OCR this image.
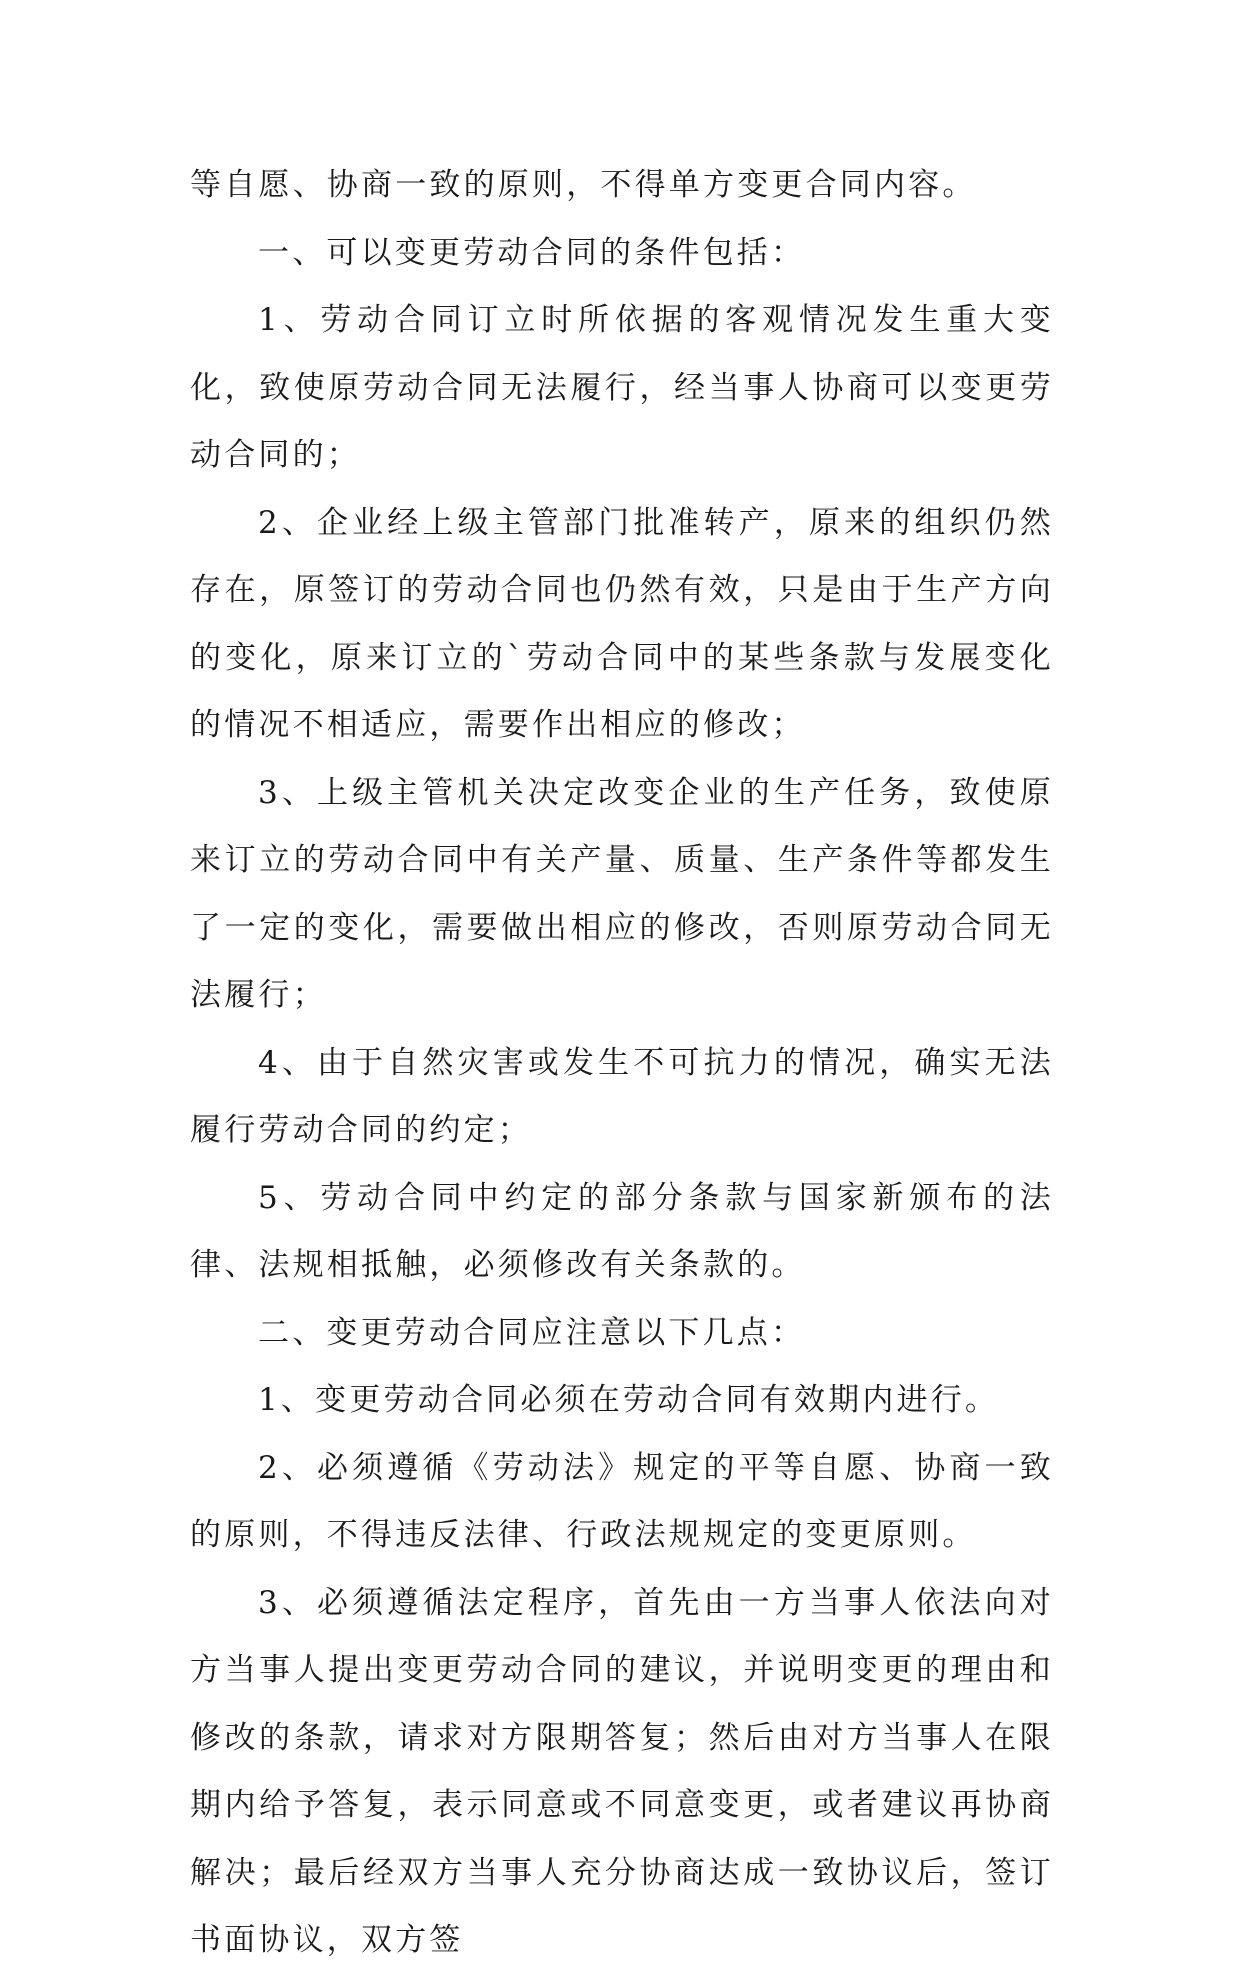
等自愿、协商一致的原则，不得单方变更合同内容。

一、可以变更劳动合同的条件包括：

1、劳动合同订立时所依据的客观情况发生重大变化，致使原劳动合同无法履行，经当事人协商可以变更劳动合同的；

2、企业经上级主管部门批准转产，原来的组织仍然存在，原签订的劳动合同也仍然有效，只是由于生产方向的变化，原来订立的`劳动合同中的某些条款与发展变化的情况不相适应，需要作出相应的修改；

3、上级主管机关决定改变企业的生产任务，致使原来订立的劳动合同中有关产量、质量、生产条件等都发生了一定的变化，需要做出相应的修改，否则原劳动合同无法履行；

4、由于自然灾害或发生不可抗力的情况，确实无法履行劳动合同的约定；

5、劳动合同中约定的部分条款与国家新颁布的法律、法规相抵触，必须修改有关条款的。

二、变更劳动合同应注意以下几点：

1、变更劳动合同必须在劳动合同有效期内进行。

2、必须遵循《劳动法》规定的平等自愿、协商一致的原则，不得违反法律、行政法规规定的变更原则。

3、必须遵循法定程序，首先由一方当事人依法向对方当事人提出变更劳动合同的建议，并说明变更的理由和修改的条款，请求对方限期答复；然后由对方当事人在限期内给予答复，表示同意或不同意变更，或者建议再协商解决；最后经双方当事人充分协商达成一致协议后，签订书面协议，双方签
